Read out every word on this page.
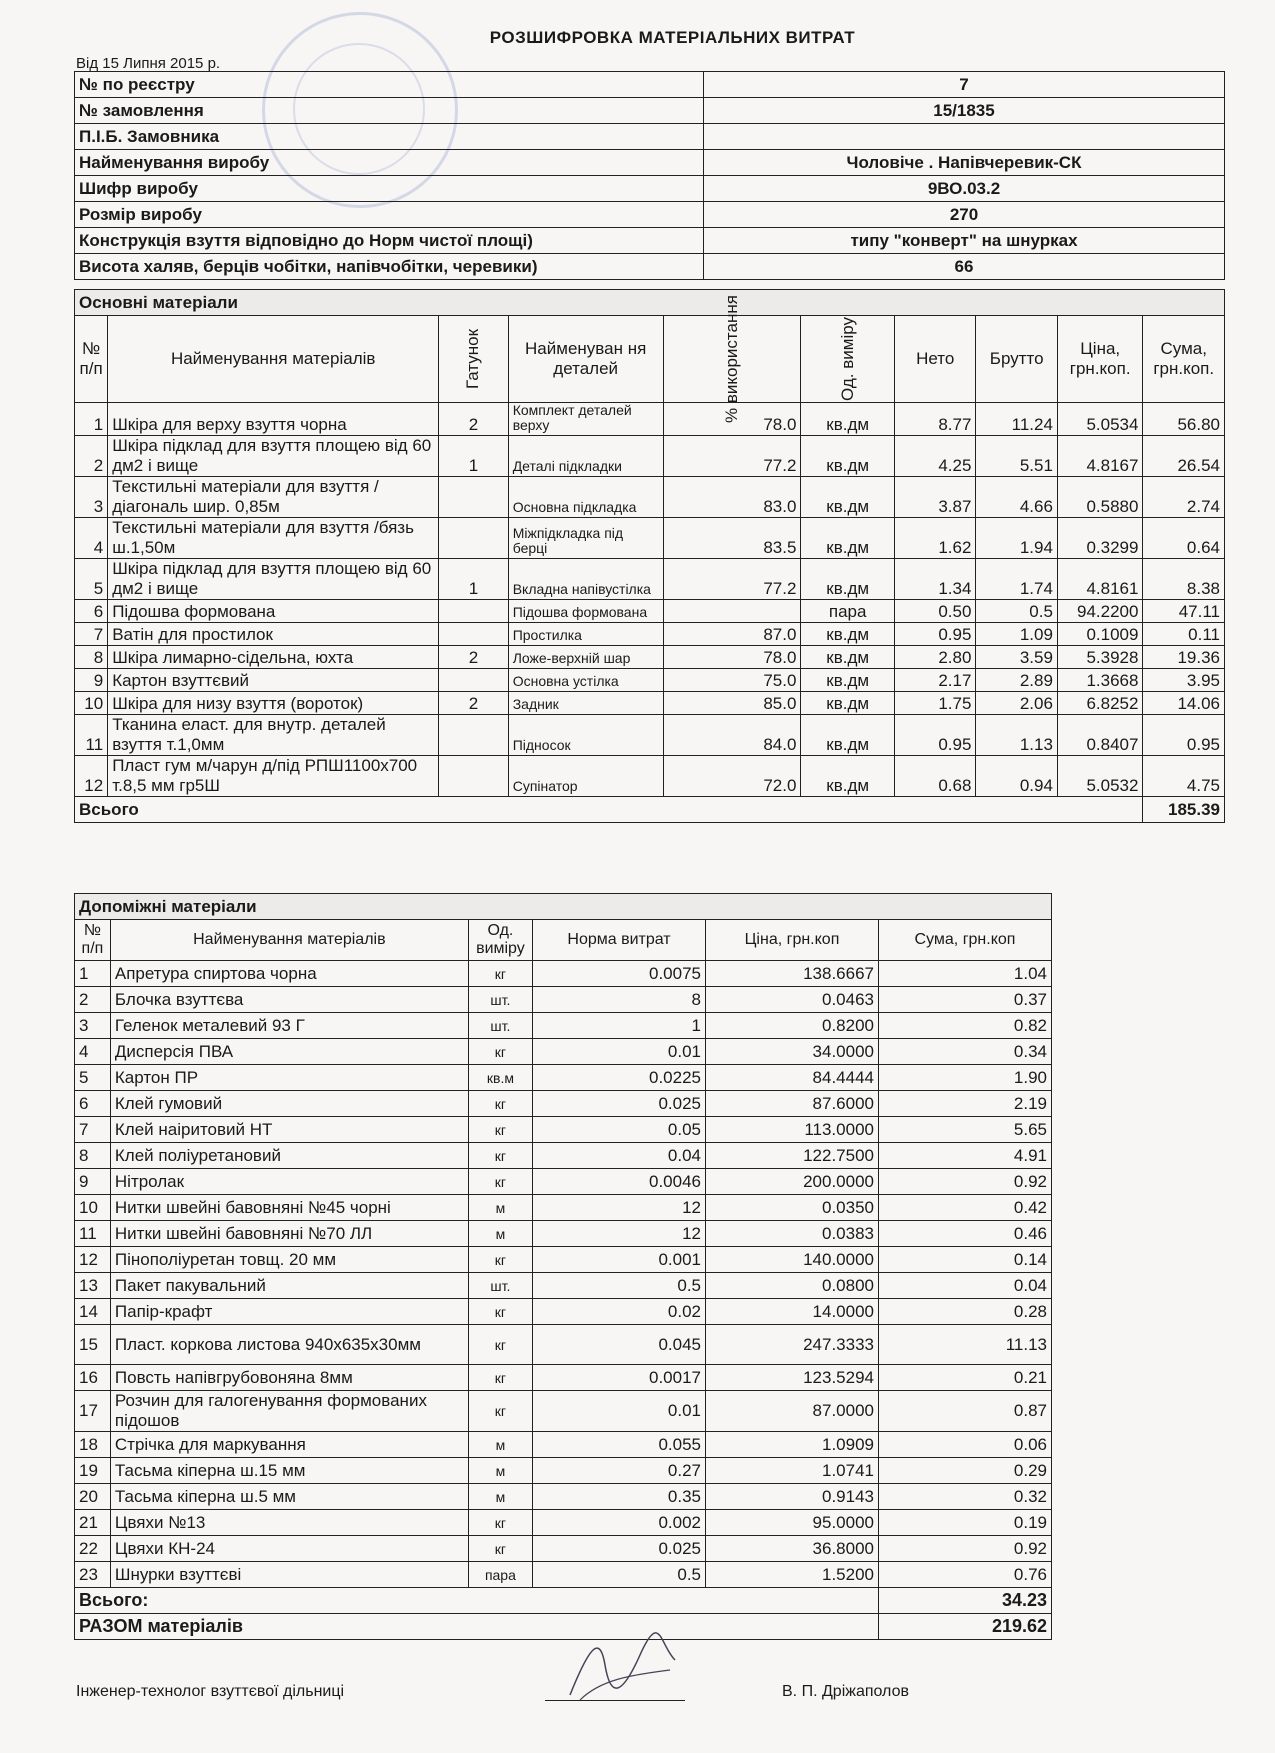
РОЗШИФРОВКА МАТЕРІАЛЬНИХ ВИТРАТ
Від 15 Липня 2015 р.
№ по реєстру	7
№ замовлення	15/1835
П.І.Б. Замовника	
Найменування виробу	Чоловіче . Напівчеревик-СК
Шифр виробу	9ВО.03.2
Розмір виробу	270
Конструкція взуття відповідно до Норм чистої площі)	типу "конверт" на шнурках
Висота халяв, берців чобітки, напівчобітки, черевики)	66
Основні матеріали									
№ п/п	Найменування матеріалів	Гатунок	Найменуван ня деталей	% використання	Од. виміру	Нето	Брутто	Ціна, грн.коп.	Сума, грн.коп.
1	Шкіра для верху взуття чорна	2	Комплект деталей верху	78.0	кв.дм	8.77	11.24	5.0534	56.80
2	Шкіра підклад для взуття площею від 60 дм2 і вище	1	Деталі підкладки	77.2	кв.дм	4.25	5.51	4.8167	26.54
3	Текстильні матеріали для взуття /діагональ шир. 0,85м		Основна підкладка	83.0	кв.дм	3.87	4.66	0.5880	2.74
4	Текстильні матеріали для взуття /бязь ш.1,50м		Міжпідкладка під берці	83.5	кв.дм	1.62	1.94	0.3299	0.64
5	Шкіра підклад для взуття площею від 60 дм2 і вище	1	Вкладна напівустілка	77.2	кв.дм	1.34	1.74	4.8161	8.38
6	Підошва формована		Підошва формована		пара	0.50	0.5	94.2200	47.11
7	Ватін для простилок		Простилка	87.0	кв.дм	0.95	1.09	0.1009	0.11
8	Шкіра лимарно-сідельна, юхта	2	Ложе-верхній шар	78.0	кв.дм	2.80	3.59	5.3928	19.36
9	Картон взуттєвий		Основна устілка	75.0	кв.дм	2.17	2.89	1.3668	3.95
10	Шкіра для низу взуття (вороток)	2	Задник	85.0	кв.дм	1.75	2.06	6.8252	14.06
11	Тканина еласт. для внутр. деталей взуття т.1,0мм		Підносок	84.0	кв.дм	0.95	1.13	0.8407	0.95
12	Пласт гум м/чарун д/під РПШ1100х700 т.8,5 мм гр5Ш		Супінатор	72.0	кв.дм	0.68	0.94	5.0532	4.75
Всього									185.39
Допоміжні матеріали					
№ п/п	Найменування матеріалів	Од. виміру	Норма витрат	Ціна, грн.коп	Сума, грн.коп
1	Апретура спиртова чорна	кг	0.0075	138.6667	1.04
2	Блочка взуттєва	шт.	8	0.0463	0.37
3	Геленок металевий 93 Г	шт.	1	0.8200	0.82
4	Дисперсія ПВА	кг	0.01	34.0000	0.34
5	Картон ПР	кв.м	0.0225	84.4444	1.90
6	Клей гумовий	кг	0.025	87.6000	2.19
7	Клей наіритовий НТ	кг	0.05	113.0000	5.65
8	Клей поліуретановий	кг	0.04	122.7500	4.91
9	Нітролак	кг	0.0046	200.0000	0.92
10	Нитки швейні бавовняні №45 чорні	м	12	0.0350	0.42
11	Нитки швейні бавовняні №70 ЛЛ	м	12	0.0383	0.46
12	Пінополіуретан товщ. 20 мм	кг	0.001	140.0000	0.14
13	Пакет пакувальний	шт.	0.5	0.0800	0.04
14	Папір-крафт	кг	0.02	14.0000	0.28
15	Пласт. коркова листова 940х635х30мм	кг	0.045	247.3333	11.13
16	Повсть напівгрубовоняна 8мм	кг	0.0017	123.5294	0.21
17	Розчин для галогенування формованих підошов	кг	0.01	87.0000	0.87
18	Стрічка для маркування	м	0.055	1.0909	0.06
19	Тасьма кіперна ш.15 мм	м	0.27	1.0741	0.29
20	Тасьма кіперна ш.5 мм	м	0.35	0.9143	0.32
21	Цвяхи №13	кг	0.002	95.0000	0.19
22	Цвяхи КН-24	кг	0.025	36.8000	0.92
23	Шнурки взуттєві	пара	0.5	1.5200	0.76
Всього:					34.23
РАЗОМ матеріалів					219.62
Інженер-технолог взуттєвої дільниці	В. П. Дріжаполов
